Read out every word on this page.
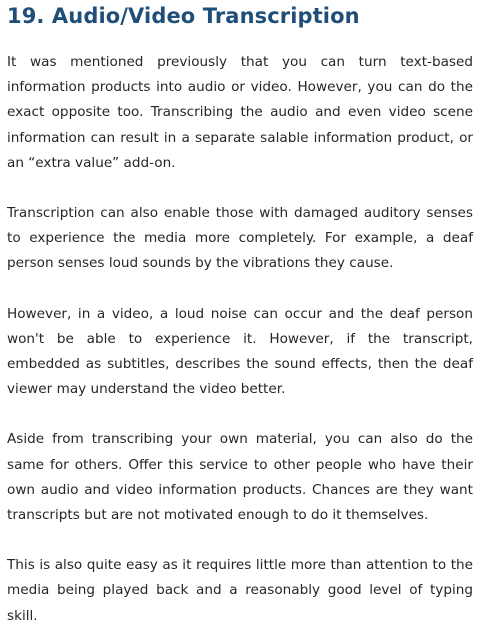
19. Audio/Video Transcription

It was mentioned previously that you can turn text-based information products into audio or video. However, you can do the exact opposite too. Transcribing the audio and even video scene information can result in a separate salable information product, or an “extra value” add-on.

Transcription can also enable those with damaged auditory senses to experience the media more completely. For example, a deaf person senses loud sounds by the vibrations they cause.

However, in a video, a loud noise can occur and the deaf person won't be able to experience it. However, if the transcript, embedded as subtitles, describes the sound effects, then the deaf viewer may understand the video better.

Aside from transcribing your own material, you can also do the same for others. Offer this service to other people who have their own audio and video information products. Chances are they want transcripts but are not motivated enough to do it themselves.

This is also quite easy as it requires little more than attention to the media being played back and a reasonably good level of typing skill.
